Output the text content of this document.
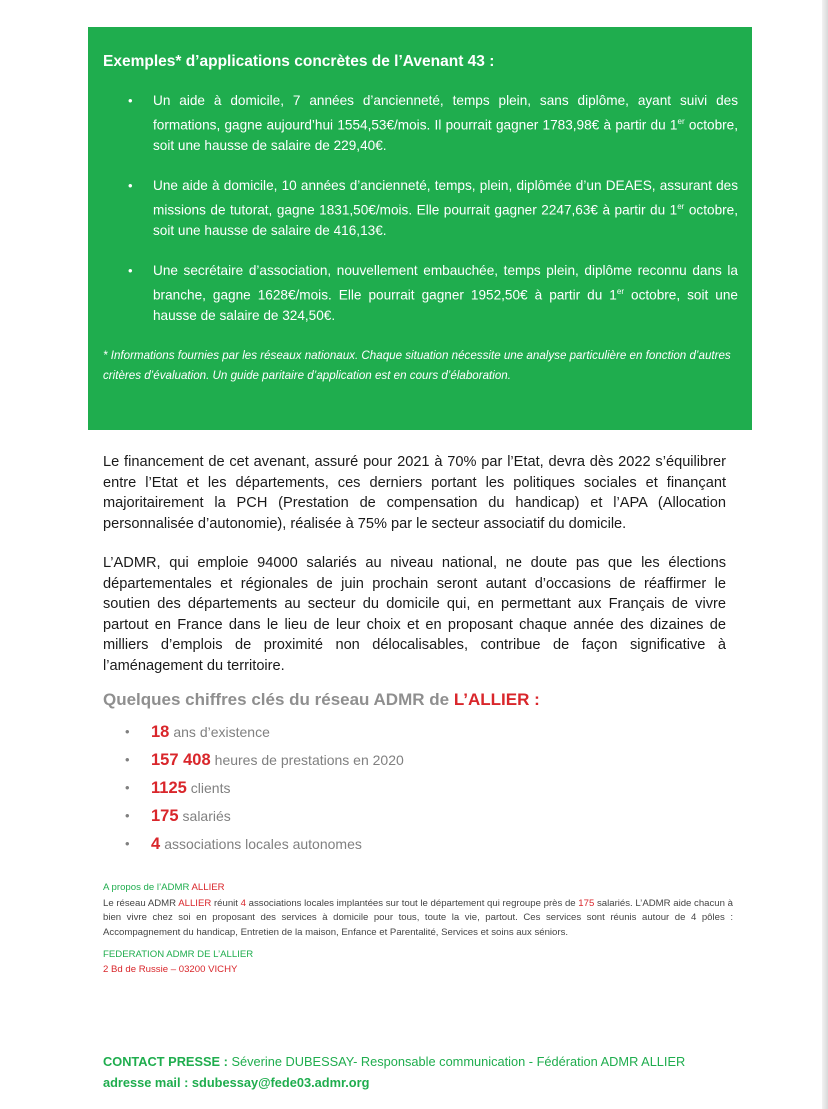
Exemples* d’applications concrètes de l’Avenant 43 :

• Un aide à domicile, 7 années d’ancienneté, temps plein, sans diplôme, ayant suivi des formations, gagne aujourd’hui 1554,53€/mois. Il pourrait gagner 1783,98€ à partir du 1er octobre, soit une hausse de salaire de 229,40€.
• Une aide à domicile, 10 années d’ancienneté, temps, plein, diplômée d’un DEAES, assurant des missions de tutorat, gagne 1831,50€/mois. Elle pourrait gagner 2247,63€ à partir du 1er octobre, soit une hausse de salaire de 416,13€.
• Une secrétaire d’association, nouvellement embauchée, temps plein, diplôme reconnu dans la branche, gagne 1628€/mois. Elle pourrait gagner 1952,50€ à partir du 1er octobre, soit une hausse de salaire de 324,50€.

* Informations fournies par les réseaux nationaux. Chaque situation nécessite une analyse particulière en fonction d’autres critères d’évaluation. Un guide paritaire d’application est en cours d’élaboration.

Le financement de cet avenant, assuré pour 2021 à 70% par l’Etat, devra dès 2022 s’équilibrer entre l’Etat et les départements, ces derniers portant les politiques sociales et finançant majoritairement la PCH (Prestation de compensation du handicap) et l’APA (Allocation personnalisée d’autonomie), réalisée à 75% par le secteur associatif du domicile.

L’ADMR, qui emploie 94000 salariés au niveau national, ne doute pas que les élections départementales et régionales de juin prochain seront autant d’occasions de réaffirmer le soutien des départements au secteur du domicile qui, en permettant aux Français de vivre partout en France dans le lieu de leur choix et en proposant chaque année des dizaines de milliers d’emplois de proximité non délocalisables, contribue de façon significative à l’aménagement du territoire.

Quelques chiffres clés du réseau ADMR de L’ALLIER :
• 18 ans d’existence
• 157 408 heures de prestations en 2020
• 1125 clients
• 175 salariés
• 4 associations locales autonomes

A propos de l’ADMR ALLIER

Le réseau ADMR ALLIER réunit 4 associations locales implantées sur tout le département qui regroupe près de 175 salariés. L’ADMR aide chacun à bien vivre chez soi en proposant des services à domicile pour tous, toute la vie, partout. Ces services sont réunis autour de 4 pôles : Accompagnement du handicap, Entretien de la maison, Enfance et Parentalité, Services et soins aux séniors.

FEDERATION ADMR DE L’ALLIER

2 Bd de Russie – 03200 VICHY

CONTACT PRESSE : Séverine DUBESSAY- Responsable communication - Fédération ADMR ALLIER
adresse mail : sdubessay@fede03.admr.org
